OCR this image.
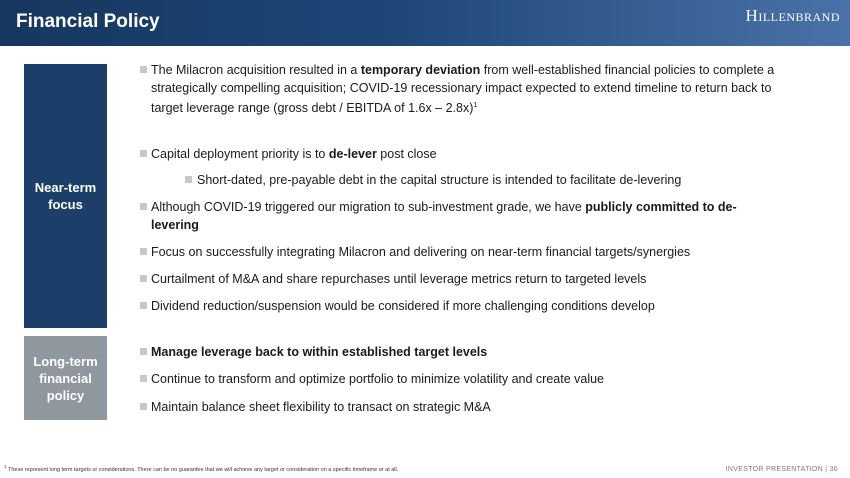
Financial Policy	HILLENBRAND
Near-term
focus
Long-term
financial
policy
The Milacron acquisition resulted in a temporary deviation from well-established financial policies to complete a strategically compelling acquisition; COVID-19 recessionary impact expected to extend timeline to return back to target leverage range (gross debt / EBITDA of 1.6x – 2.8x)$^1$
Capital deployment priority is to de-lever post close
Short-dated, pre-payable debt in the capital structure is intended to facilitate de-levering
Although COVID-19 triggered our migration to sub-investment grade, we have publicly committed to de-levering
Focus on successfully integrating Milacron and delivering on near-term financial targets/synergies
Curtailment of M&A and share repurchases until leverage metrics return to targeted levels
Dividend reduction/suspension would be considered if more challenging conditions develop
Manage leverage back to within established target levels
Continue to transform and optimize portfolio to minimize volatility and create value
Maintain balance sheet flexibility to transact on strategic M&A
$^1$ These represent long term targets or considerations. There can be no guarantee that we will achieve any target or consideration on a specific timeframe or at all.	INVESTOR PRESENTATION | 36
